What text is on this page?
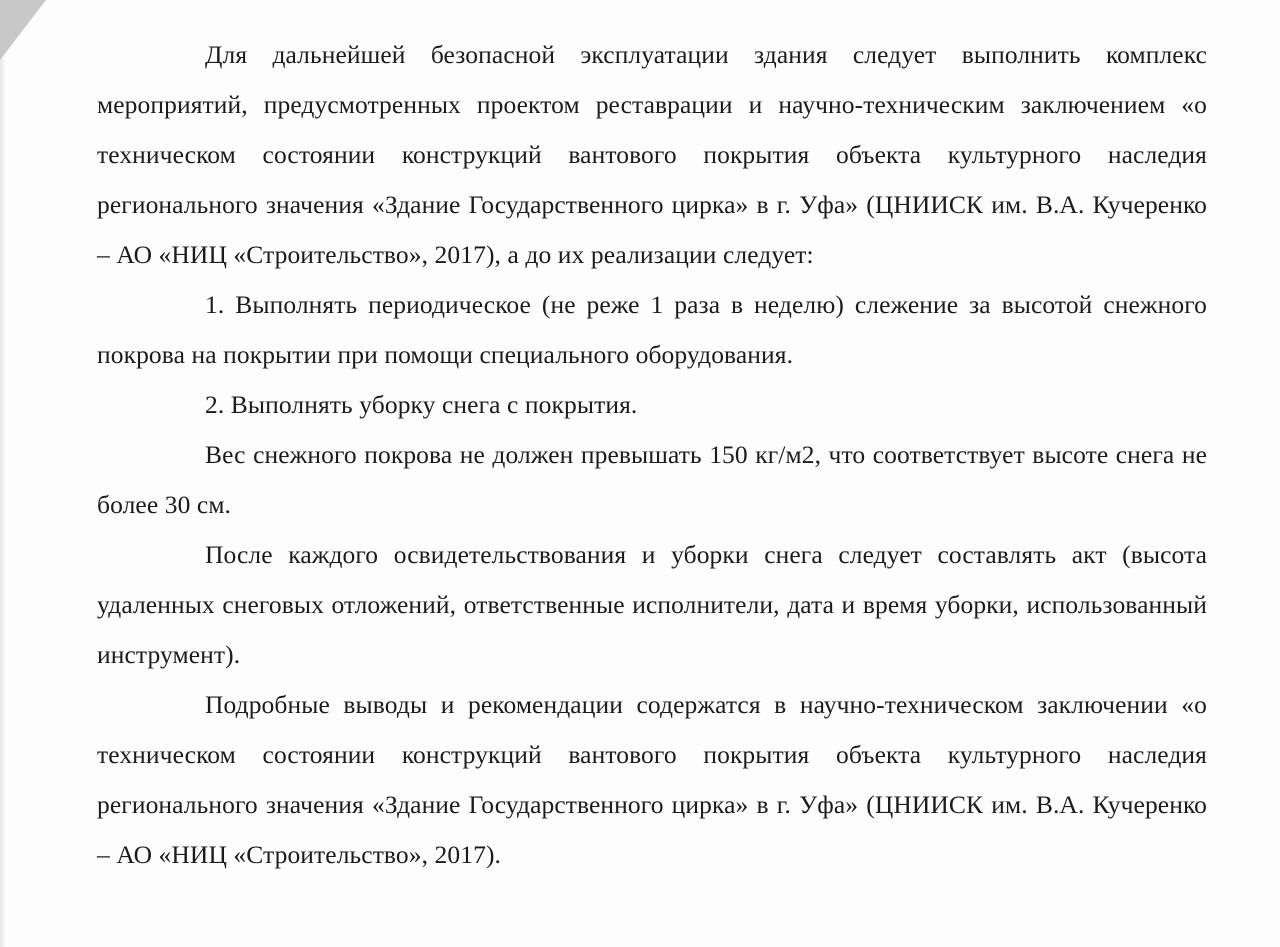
Для дальнейшей безопасной эксплуатации здания следует выполнить комплекс мероприятий, предусмотренных проектом реставрации и научно-техническим заключением «о техническом состоянии конструкций вантового покрытия объекта культурного наследия регионального значения «Здание Государственного цирка» в г. Уфа» (ЦНИИСК им. В.А. Кучеренко – АО «НИЦ «Строительство», 2017), а до их реализации следует:

1. Выполнять периодическое (не реже 1 раза в неделю) слежение за высотой снежного покрова на покрытии при помощи специального оборудования.

2. Выполнять уборку снега с покрытия.

Вес снежного покрова не должен превышать 150 кг/м2, что соответствует высоте снега не более 30 см.

После каждого освидетельствования и уборки снега следует составлять акт (высота удаленных снеговых отложений, ответственные исполнители, дата и время уборки, использованный инструмент).

Подробные выводы и рекомендации содержатся в научно-техническом заключении «о техническом состоянии конструкций вантового покрытия объекта культурного наследия регионального значения «Здание Государственного цирка» в г. Уфа» (ЦНИИСК им. В.А. Кучеренко – АО «НИЦ «Строительство», 2017).
